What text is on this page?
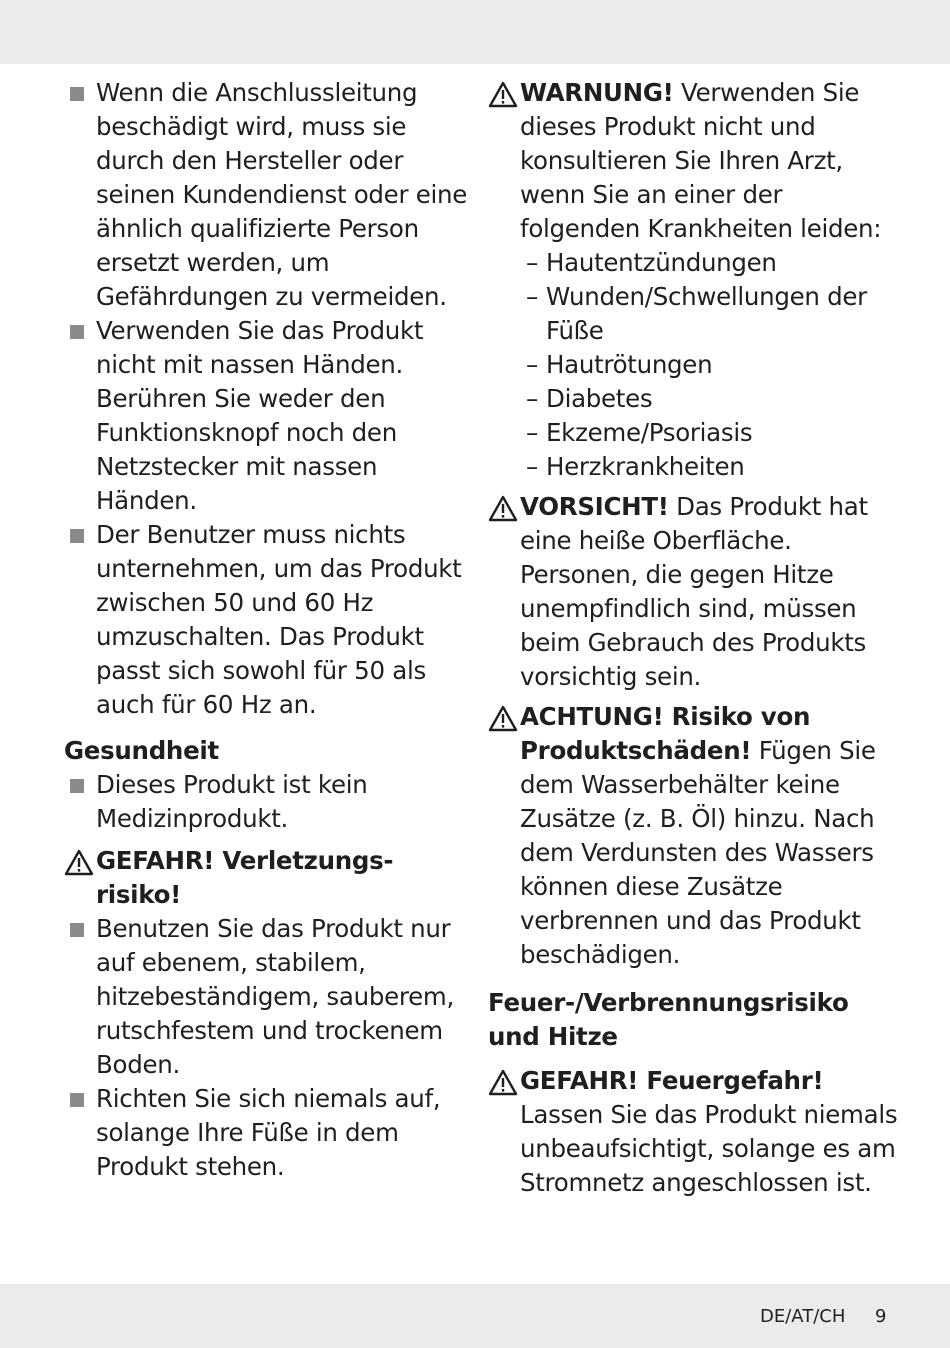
Wenn die Anschlussleitung beschädigt wird, muss sie durch den Hersteller oder seinen Kundendienst oder eine ähnlich qualifizierte Person ersetzt werden, um Gefährdungen zu vermeiden.
Verwenden Sie das Produkt nicht mit nassen Händen. Berühren Sie weder den Funktionsknopf noch den Netzstecker mit nassen Händen.
Der Benutzer muss nichts unternehmen, um das Produkt zwischen 50 und 60 Hz umzuschalten. Das Produkt passt sich sowohl für 50 als auch für 60 Hz an.
Gesundheit
Dieses Produkt ist kein Medizinprodukt.
GEFAHR! Verletzungs-risiko!
Benutzen Sie das Produkt nur auf ebenem, stabilem, hitzebeständigem, sauberem, rutschfestem und trockenem Boden.
Richten Sie sich niemals auf, solange Ihre Füße in dem Produkt stehen.
WARNUNG! Verwenden Sie dieses Produkt nicht und konsultieren Sie Ihren Arzt, wenn Sie an einer der folgenden Krankheiten leiden:
– Hautentzündungen
– Wunden/Schwellungen der Füße
– Hautrötungen
– Diabetes
– Ekzeme/Psoriasis
– Herzkrankheiten
VORSICHT! Das Produkt hat eine heiße Oberfläche. Personen, die gegen Hitze unempfindlich sind, müssen beim Gebrauch des Produkts vorsichtig sein.
ACHTUNG! Risiko von Produktschäden! Fügen Sie dem Wasserbehälter keine Zusätze (z. B. Öl) hinzu. Nach dem Verdunsten des Wassers können diese Zusätze verbrennen und das Produkt beschädigen.
Feuer-/Verbrennungsrisiko und Hitze
GEFAHR! Feuergefahr!
Lassen Sie das Produkt niemals unbeaufsichtigt, solange es am Stromnetz angeschlossen ist.
DE/AT/CH 9
